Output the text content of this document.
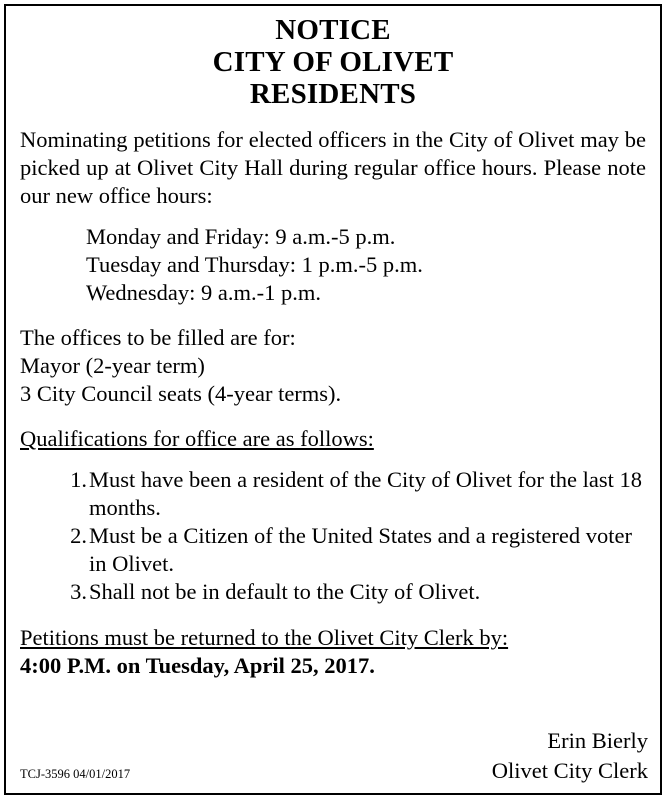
NOTICE
CITY OF OLIVET
RESIDENTS

Nominating petitions for elected officers in the City of Olivet may be picked up at Olivet City Hall during regular office hours. Please note our new office hours:

Monday and Friday: 9 a.m.-5 p.m.
Tuesday and Thursday: 1 p.m.-5 p.m.
Wednesday: 9 a.m.-1 p.m.
The offices to be filled are for:
Mayor (2-year term)
3 City Council seats (4-year terms).
Qualifications for office are as follows:
1. Must have been a resident of the City of Olivet for the last 18 months.
2. Must be a Citizen of the United States and a registered voter in Olivet.
3. Shall not be in default to the City of Olivet.
Petitions must be returned to the Olivet City Clerk by:
4:00 P.M. on Tuesday, April 25, 2017.
Erin Bierly
Olivet City Clerk
TCJ-3596 04/01/2017
